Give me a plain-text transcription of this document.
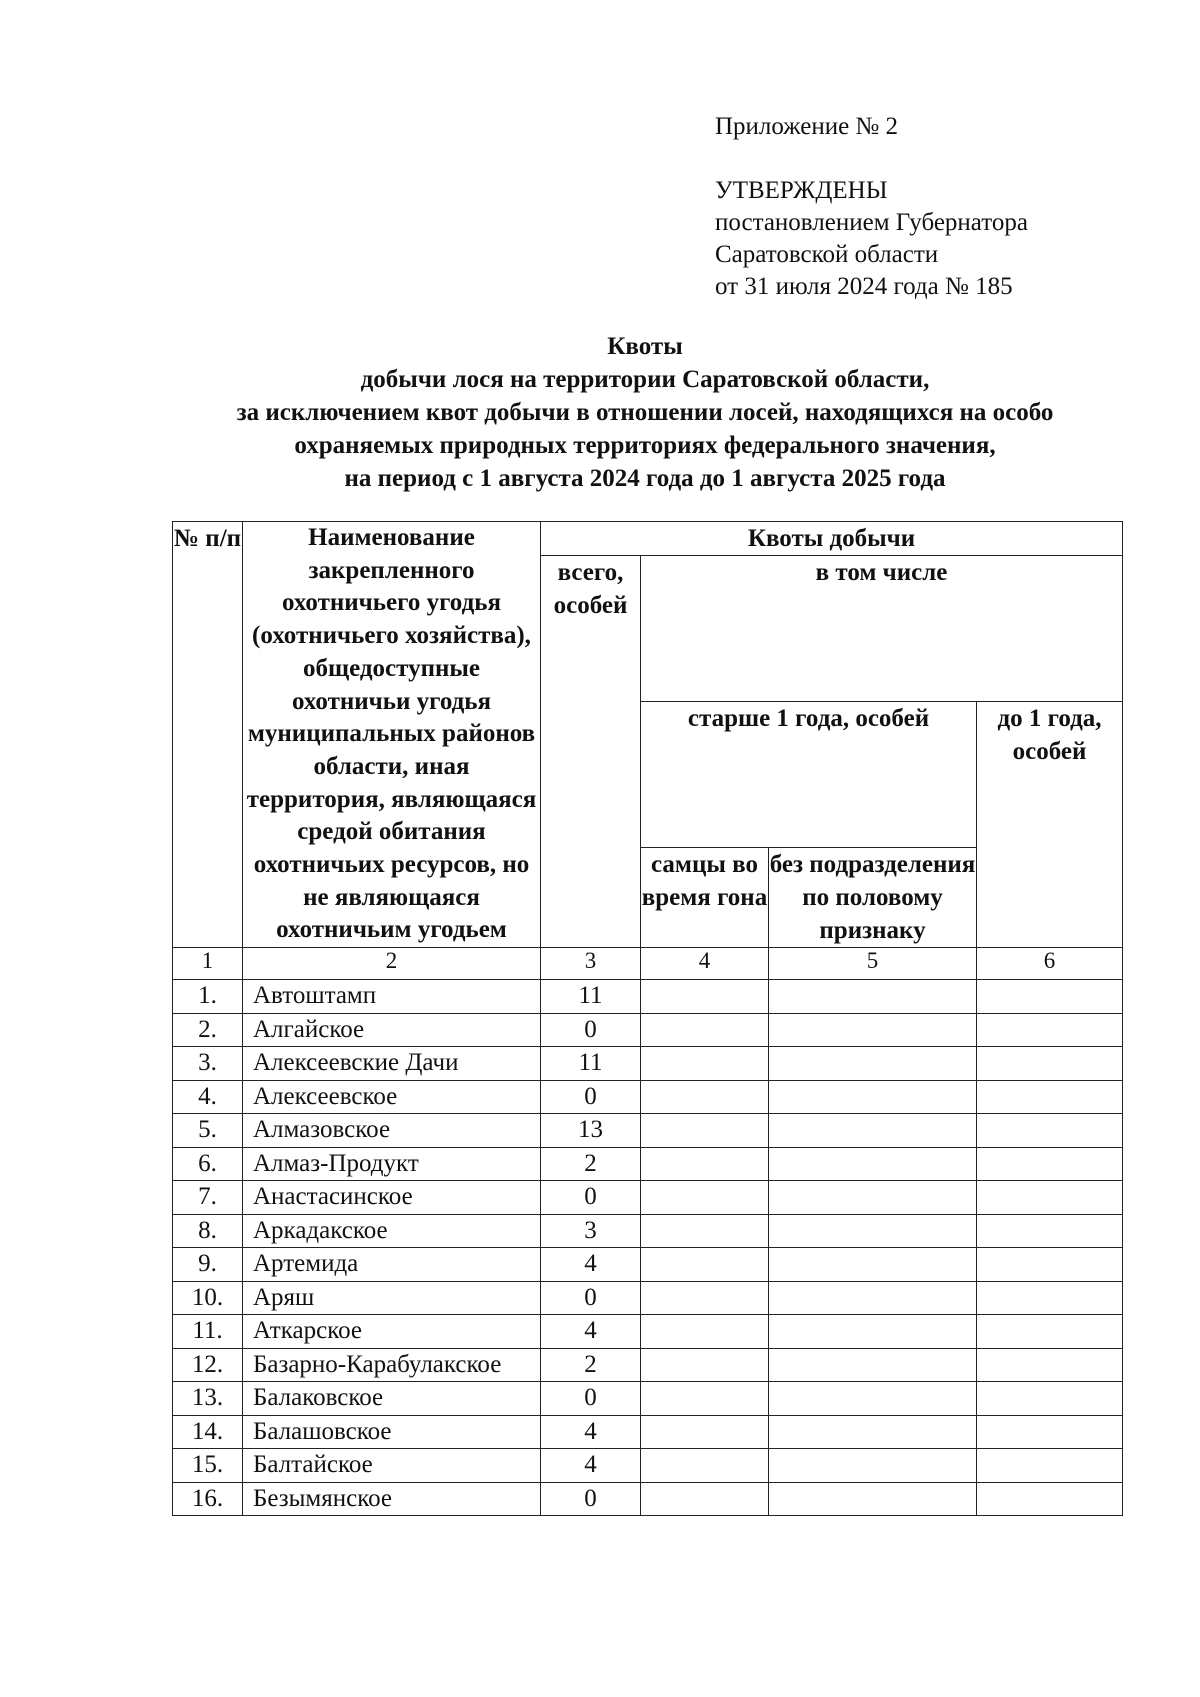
Приложение № 2
УТВЕРЖДЕНЫ
постановлением Губернатора
Саратовской области
от 31 июля 2024 года № 185
Квоты
добычи лося на территории Саратовской области,
за исключением квот добычи в отношении лосей, находящихся на особо
охраняемых природных территориях федерального значения,
на период с 1 августа 2024 года до 1 августа 2025 года
№ п/п	Наименование закрепленного охотничьего угодья (охотничьего хозяйства), общедоступные охотничьи угодья муниципальных районов области, иная территория, являющаяся средой обитания охотничьих ресурсов, но не являющаяся охотничьим угодьем	Квоты добычи			
		всего, особей	в том числе		
			старше 1 года, особей		до 1 года, особей
			самцы во время гона	без подразделения по половому признаку	
1	2	3	4	5	6
1.	Автоштамп	11			
2.	Алгайское	0			
3.	Алексеевские Дачи	11			
4.	Алексеевское	0			
5.	Алмазовское	13			
6.	Алмаз-Продукт	2			
7.	Анастасинское	0			
8.	Аркадакское	3			
9.	Артемида	4			
10.	Аряш	0			
11.	Аткарское	4			
12.	Базарно-Карабулакское	2			
13.	Балаковское	0			
14.	Балашовское	4			
15.	Балтайское	4			
16.	Безымянское	0			
